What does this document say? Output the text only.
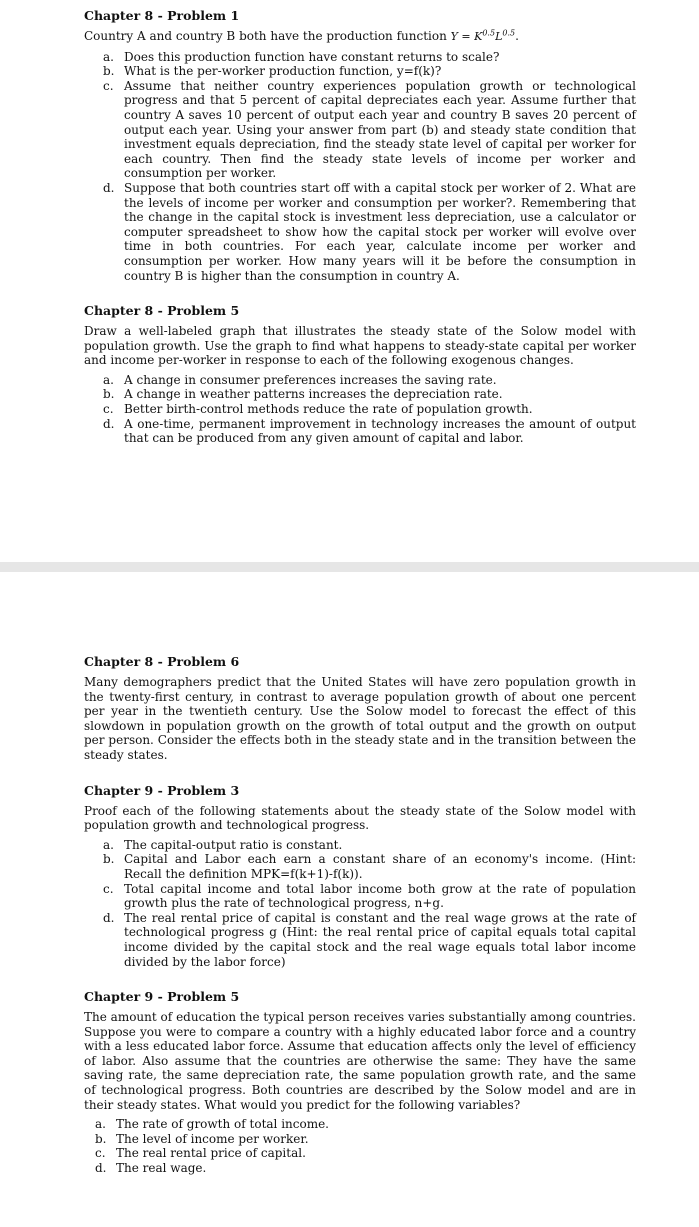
Chapter 8 - Problem 1

Country A and country B both have the production function $Y = K^{0.5}L^{0.5}$.

a. Does this production function have constant returns to scale?
b. What is the per-worker production function, y=f(k)?
c. Assume that neither country experiences population growth or technological progress and that 5 percent of capital depreciates each year. Assume further that country A saves 10 percent of output each year and country B saves 20 percent of output each year. Using your answer from part (b) and steady state condition that investment equals depreciation, find the steady state level of capital per worker for each country. Then find the steady state levels of income per worker and consumption per worker.
d. Suppose that both countries start off with a capital stock per worker of 2. What are the levels of income per worker and consumption per worker?. Remembering that the change in the capital stock is investment less depreciation, use a calculator or computer spreadsheet to show how the capital stock per worker will evolve over time in both countries. For each year, calculate income per worker and consumption per worker. How many years will it be before the consumption in country B is higher than the consumption in country A.
Chapter 8 - Problem 5

Draw a well-labeled graph that illustrates the steady state of the Solow model with population growth. Use the graph to find what happens to steady-state capital per worker and income per-worker in response to each of the following exogenous changes.

a. A change in consumer preferences increases the saving rate.
b. A change in weather patterns increases the depreciation rate.
c. Better birth-control methods reduce the rate of population growth.
d. A one-time, permanent improvement in technology increases the amount of output that can be produced from any given amount of capital and labor.
Chapter 8 - Problem 6

Many demographers predict that the United States will have zero population growth in the twenty-first century, in contrast to average population growth of about one percent per year in the twentieth century. Use the Solow model to forecast the effect of this slowdown in population growth on the growth of total output and the growth on output per person. Consider the effects both in the steady state and in the transition between the steady states.

Chapter 9 - Problem 3

Proof each of the following statements about the steady state of the Solow model with population growth and technological progress.

a. The capital-output ratio is constant.
b. Capital and Labor each earn a constant share of an economy's income. (Hint: Recall the definition MPK=f(k+1)-f(k)).
c. Total capital income and total labor income both grow at the rate of population growth plus the rate of technological progress, n+g.
d. The real rental price of capital is constant and the real wage grows at the rate of technological progress g (Hint: the real rental price of capital equals total capital income divided by the capital stock and the real wage equals total labor income divided by the labor force)
Chapter 9 - Problem 5

The amount of education the typical person receives varies substantially among countries. Suppose you were to compare a country with a highly educated labor force and a country with a less educated labor force. Assume that education affects only the level of efficiency of labor. Also assume that the countries are otherwise the same: They have the same saving rate, the same depreciation rate, the same population growth rate, and the same of technological progress. Both countries are described by the Solow model and are in their steady states. What would you predict for the following variables?

a. The rate of growth of total income.
b. The level of income per worker.
c. The real rental price of capital.
d. The real wage.
